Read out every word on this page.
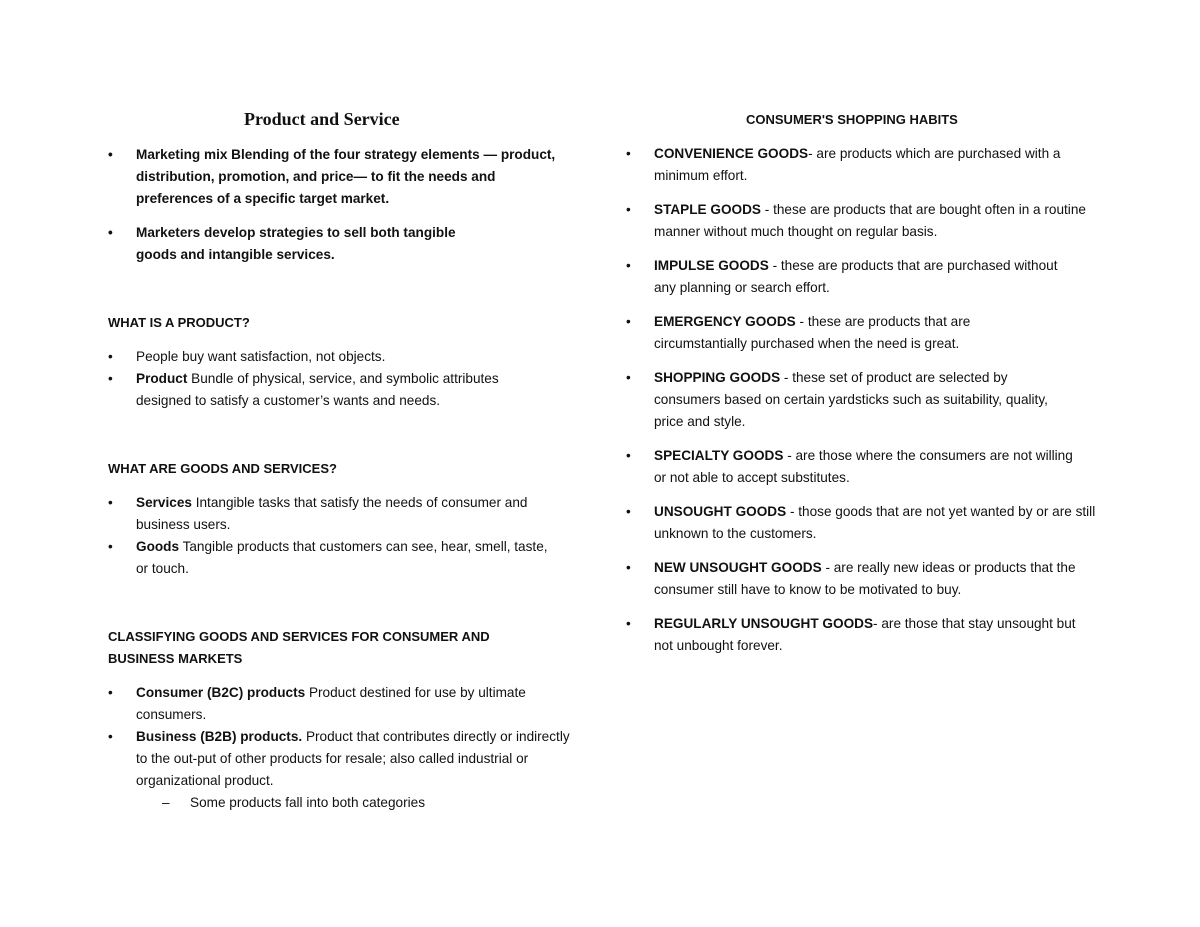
Product and Service	CONSUMER'S SHOPPING HABITS
• Marketing mix Blending of the four strategy elements — product, distribution, promotion, and price— to fit the needs and preferences of a specific target market.
• Marketers develop strategies to sell both tangible goods and intangible services.
WHAT IS A PRODUCT?
• People buy want satisfaction, not objects.
• Product Bundle of physical, service, and symbolic attributes designed to satisfy a customer’s wants and needs.
WHAT ARE GOODS AND SERVICES?
• Services Intangible tasks that satisfy the needs of consumer and business users.
• Goods Tangible products that customers can see, hear, smell, taste, or touch.
CLASSIFYING GOODS AND SERVICES FOR CONSUMER AND BUSINESS MARKETS
• Consumer (B2C) products Product destined for use by ultimate consumers.
• Business (B2B) products. Product that contributes directly or indirectly to the out-put of other products for resale; also called industrial or organizational product.
– Some products fall into both categories
• CONVENIENCE GOODS- are products which are purchased with a minimum effort.
• STAPLE GOODS - these are products that are bought often in a routine manner without much thought on regular basis.
• IMPULSE GOODS - these are products that are purchased without any planning or search effort.
• EMERGENCY GOODS - these are products that are circumstantially purchased when the need is great.
• SHOPPING GOODS - these set of product are selected by consumers based on certain yardsticks such as suitability, quality, price and style.
• SPECIALTY GOODS - are those where the consumers are not willing or not able to accept substitutes.
• UNSOUGHT GOODS - those goods that are not yet wanted by or are still unknown to the customers.
• NEW UNSOUGHT GOODS - are really new ideas or products that the consumer still have to know to be motivated to buy.
• REGULARLY UNSOUGHT GOODS- are those that stay unsought but not unbought forever.
